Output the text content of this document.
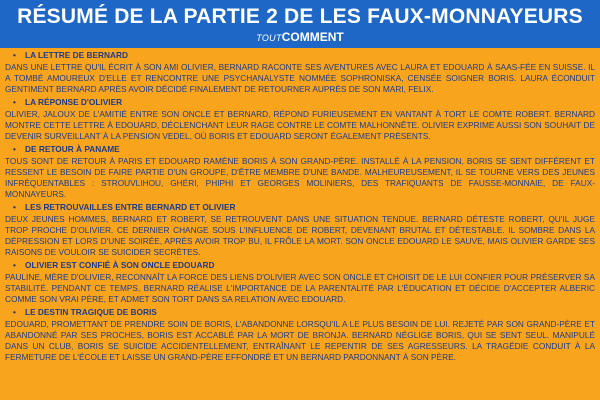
RÉSUMÉ DE LA PARTIE 2 DE LES FAUX-MONNAYEURS
TOUTCOMMENT
• LA LETTRE DE BERNARD
DANS UNE LETTRE QU'IL ÉCRIT À SON AMI OLIVIER, BERNARD RACONTE SES AVENTURES AVEC LAURA ET EDOUARD À SAAS-FÉE EN SUISSE. IL A TOMBÉ AMOUREUX D'ELLE ET RENCONTRE UNE PSYCHANALYSTE NOMMÉE SOPHRONISKA, CENSÉE SOIGNER BORIS. LAURA ÉCONDUIT GENTIMENT BERNARD APRÈS AVOIR DÉCIDÉ FINALEMENT DE RETOURNER AUPRÈS DE SON MARI, FELIX.
• LA RÉPONSE D'OLIVIER
OLIVIER, JALOUX DE L'AMITIÉ ENTRE SON ONCLE ET BERNARD, RÉPOND FURIEUSEMENT EN VANTANT À TORT LE COMTE ROBERT. BERNARD MONTRE CETTE LETTRE À EDOUARD, DÉCLENCHANT LEUR RAGE CONTRE LE COMTE MALHONNÊTE. OLIVIER EXPRIME AUSSI SON SOUHAIT DE DEVENIR SURVEILLANT À LA PENSION VEDEL, OÙ BORIS ET EDOUARD SERONT ÉGALEMENT PRÉSENTS.
• DE RETOUR À PANAME
TOUS SONT DE RETOUR À PARIS ET EDOUARD RAMÈNE BORIS À SON GRAND-PÈRE. INSTALLÉ À LA PENSION, BORIS SE SENT DIFFÉRENT ET RESSENT LE BESOIN DE FAIRE PARTIE D'UN GROUPE, D'ÊTRE MEMBRE D'UNE BANDE. MALHEUREUSEMENT, IL SE TOURNE VERS DES JEUNES INFRÉQUENTABLES : STROUVLIHOU, GHÉRI, PHIPHI ET GEORGES MOLINIERS, DES TRAFIQUANTS DE FAUSSE-MONNAIE, DE FAUX-MONNAYEURS.
• LES RETROUVAILLES ENTRE BERNARD ET OLIVIER
DEUX JEUNES HOMMES, BERNARD ET ROBERT, SE RETROUVENT DANS UNE SITUATION TENDUE. BERNARD DÉTESTE ROBERT, QU'IL JUGE TROP PROCHE D'OLIVIER. CE DERNIER CHANGE SOUS L'INFLUENCE DE ROBERT, DEVENANT BRUTAL ET DÉTESTABLE. IL SOMBRE DANS LA DÉPRESSION ET LORS D'UNE SOIRÉE, APRÈS AVOIR TROP BU, IL FRÔLE LA MORT. SON ONCLE EDOUARD LE SAUVE, MAIS OLIVIER GARDE SES RAISONS DE VOULOIR SE SUICIDER SECRÈTES.
• OLIVIER EST CONFIÉ À SON ONCLE EDOUARD
PAULINE, MÈRE D'OLIVIER, RECONNAÎT LA FORCE DES LIENS D'OLIVIER AVEC SON ONCLE ET CHOISIT DE LE LUI CONFIER POUR PRÉSERVER SA STABILITÉ. PENDANT CE TEMPS, BERNARD RÉALISE L'IMPORTANCE DE LA PARENTALITÉ PAR L'ÉDUCATION ET DÉCIDE D'ACCEPTER ALBERIC COMME SON VRAI PÈRE, ET ADMET SON TORT DANS SA RELATION AVEC EDOUARD.
• LE DESTIN TRAGIQUE DE BORIS
EDOUARD, PROMETTANT DE PRENDRE SOIN DE BORIS, L'ABANDONNE LORSQU'IL A LE PLUS BESOIN DE LUI. REJETÉ PAR SON GRAND-PÈRE ET ABANDONNÉ PAR SES PROCHES, BORIS EST ACCABLÉ PAR LA MORT DE BRONJA. BERNARD NÉGLIGE BORIS, QUI SE SENT SEUL. MANIPULÉ DANS UN CLUB, BORIS SE SUICIDE ACCIDENTELLEMENT, ENTRAÎNANT LE REPENTIR DE SES AGRESSEURS. LA TRAGÉDIE CONDUIT À LA FERMETURE DE L'ÉCOLE ET LAISSE UN GRAND-PÈRE EFFONDRÉ ET UN BERNARD PARDONNANT À SON PÈRE.
